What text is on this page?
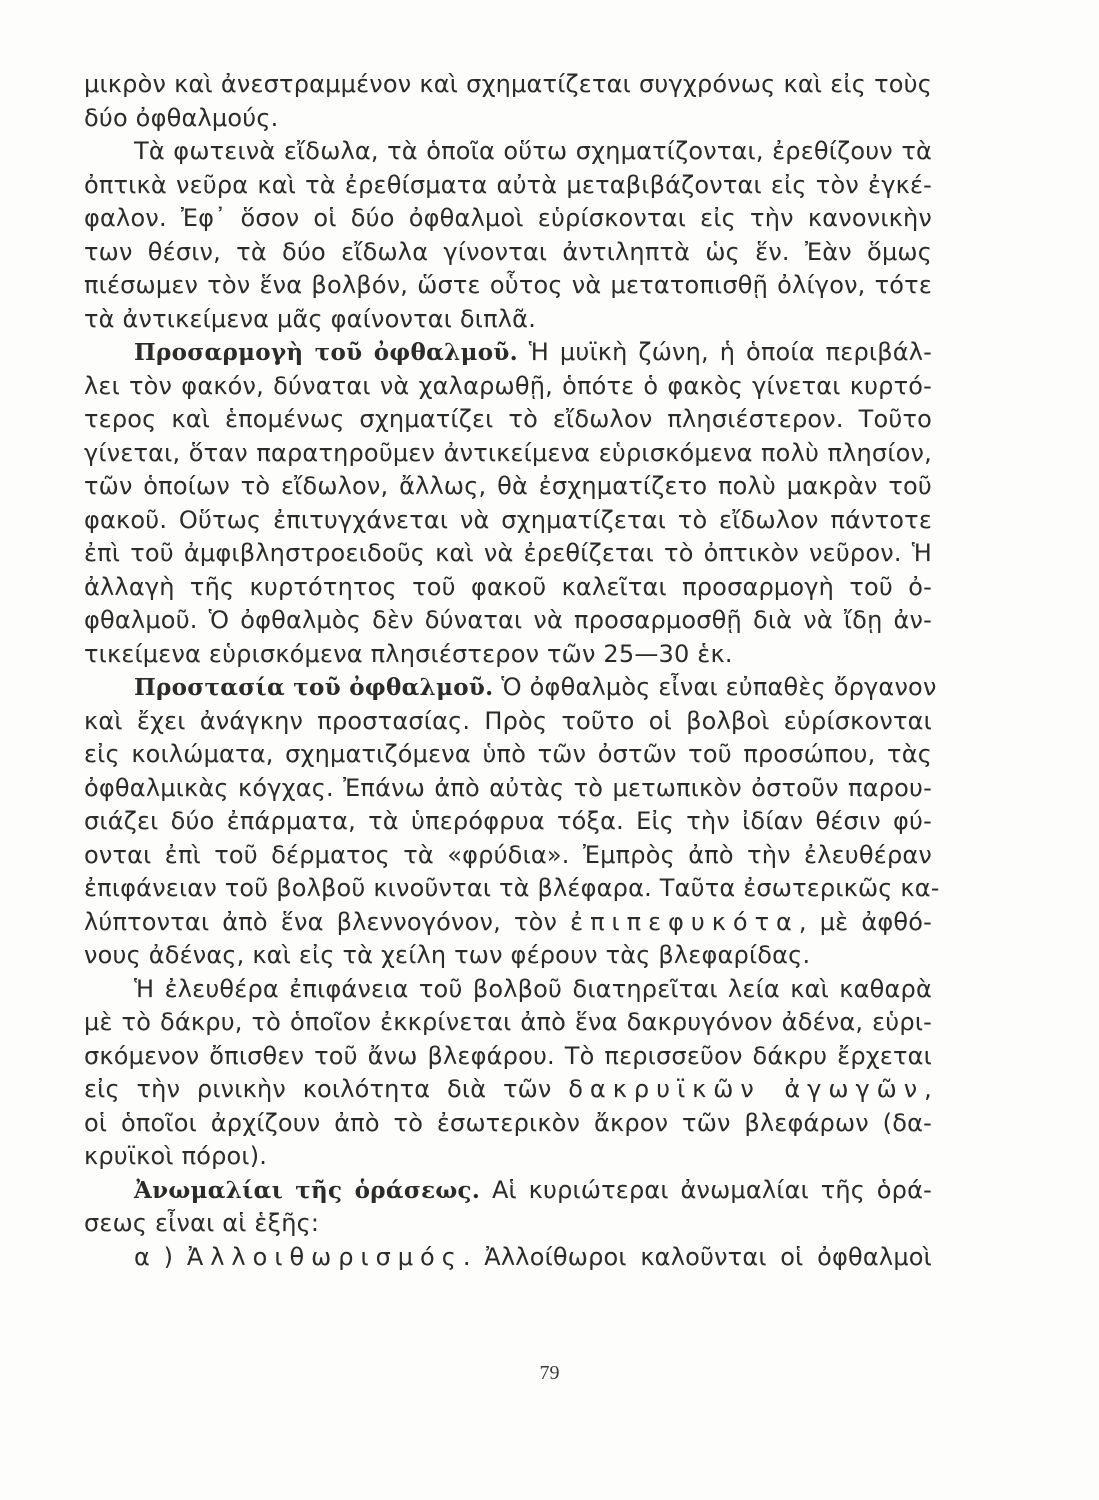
μικρὸν καὶ ἀνεστραμμένον καὶ σχηματίζεται συγχρόνως καὶ εἰς τοὺς
δύο ὀφθαλμούς.
Τὰ φωτεινὰ εἴδωλα, τὰ ὁποῖα οὕτω σχηματίζονται, ἐρεθίζουν τὰ
ὀπτικὰ νεῦρα καὶ τὰ ἐρεθίσματα αὐτὰ μεταβιβάζονται εἰς τὸν ἐγκέ-
φαλον. Ἐφ᾽ ὅσον οἱ δύο ὀφθαλμοὶ εὑρίσκονται εἰς τὴν κανονικὴν
των θέσιν, τὰ δύο εἴδωλα γίνονται ἀντιληπτὰ ὡς ἕν. Ἐὰν ὅμως
πιέσωμεν τὸν ἕνα βολβόν, ὥστε οὗτος νὰ μετατοπισθῇ ὀλίγον, τότε
τὰ ἀντικείμενα μᾶς φαίνονται διπλᾶ.
Προσαρμογὴ τοῦ ὀφθαλμοῦ. Ἡ μυϊκὴ ζώνη, ἡ ὁποία περιβάλ-
λει τὸν φακόν, δύναται νὰ χαλαρωθῇ, ὁπότε ὁ φακὸς γίνεται κυρτό-
τερος καὶ ἑπομένως σχηματίζει τὸ εἴδωλον πλησιέστερον. Τοῦτο
γίνεται, ὅταν παρατηροῦμεν ἀντικείμενα εὑρισκόμενα πολὺ πλησίον,
τῶν ὁποίων τὸ εἴδωλον, ἄλλως, θὰ ἐσχηματίζετο πολὺ μακρὰν τοῦ
φακοῦ. Οὕτως ἐπιτυγχάνεται νὰ σχηματίζεται τὸ εἴδωλον πάντοτε
ἐπὶ τοῦ ἀμφιβληστροειδοῦς καὶ νὰ ἐρεθίζεται τὸ ὀπτικὸν νεῦρον. Ἡ
ἀλλαγὴ τῆς κυρτότητος τοῦ φακοῦ καλεῖται προσαρμογὴ τοῦ ὀ-
φθαλμοῦ. Ὁ ὀφθαλμὸς δὲν δύναται νὰ προσαρμοσθῇ διὰ νὰ ἴδῃ ἀν-
τικείμενα εὑρισκόμενα πλησιέστερον τῶν 25—30 ἑκ.
Προστασία τοῦ ὀφθαλμοῦ. Ὁ ὀφθαλμὸς εἶναι εὐπαθὲς ὄργανον
καὶ ἔχει ἀνάγκην προστασίας. Πρὸς τοῦτο οἱ βολβοὶ εὑρίσκονται
εἰς κοιλώματα, σχηματιζόμενα ὑπὸ τῶν ὀστῶν τοῦ προσώπου, τὰς
ὀφθαλμικὰς κόγχας. Ἐπάνω ἀπὸ αὐτὰς τὸ μετωπικὸν ὀστοῦν παρου-
σιάζει δύο ἐπάρματα, τὰ ὑπερόφρυα τόξα. Εἰς τὴν ἰδίαν θέσιν φύ-
ονται ἐπὶ τοῦ δέρματος τὰ «φρύδια». Ἐμπρὸς ἀπὸ τὴν ἐλευθέραν
ἐπιφάνειαν τοῦ βολβοῦ κινοῦνται τὰ βλέφαρα. Ταῦτα ἐσωτερικῶς κα-
λύπτονται ἀπὸ ἕνα βλεννογόνον, τὸν ἐπιπεφυκότα, μὲ ἀφθό-
νους ἀδένας, καὶ εἰς τὰ χείλη των φέρουν τὰς βλεφαρίδας.
Ἡ ἐλευθέρα ἐπιφάνεια τοῦ βολβοῦ διατηρεῖται λεία καὶ καθαρὰ
μὲ τὸ δάκρυ, τὸ ὁποῖον ἐκκρίνεται ἀπὸ ἕνα δακρυγόνον ἀδένα, εὑρι-
σκόμενον ὄπισθεν τοῦ ἄνω βλεφάρου. Τὸ περισσεῦον δάκρυ ἔρχεται
εἰς τὴν ρινικὴν κοιλότητα διὰ τῶν δακρυϊκῶν ἀγωγῶν,
οἱ ὁποῖοι ἀρχίζουν ἀπὸ τὸ ἐσωτερικὸν ἄκρον τῶν βλεφάρων (δα-
κρυϊκοὶ πόροι).
Ἀνωμαλίαι τῆς ὁράσεως. Αἱ κυριώτεραι ἀνωμαλίαι τῆς ὁρά-
σεως εἶναι αἱ ἑξῆς:
α ) Ἀλλοιθωρισμός. Ἀλλοίθωροι καλοῦνται οἱ ὀφθαλμοὶ
79
